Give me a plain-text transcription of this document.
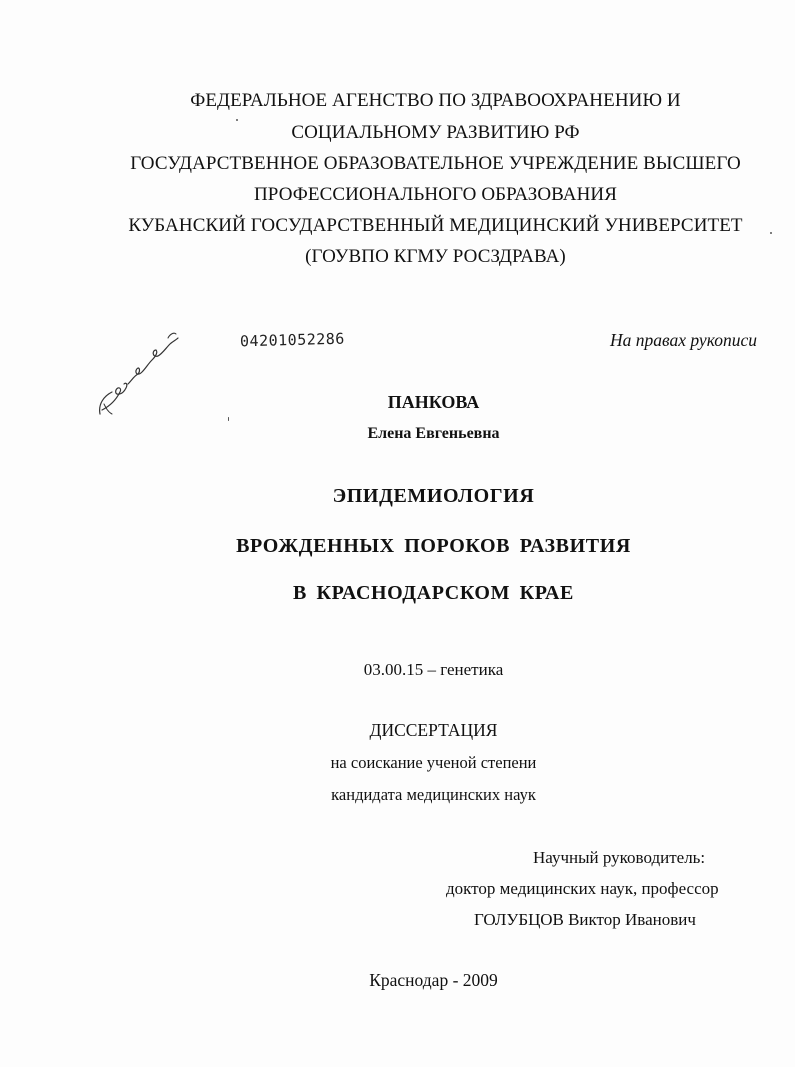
ФЕДЕРАЛЬНОЕ АГЕНСТВО ПО ЗДРАВООХРАНЕНИЮ И
СОЦИАЛЬНОМУ РАЗВИТИЮ РФ
ГОСУДАРСТВЕННОЕ ОБРАЗОВАТЕЛЬНОЕ УЧРЕЖДЕНИЕ ВЫСШЕГО
ПРОФЕССИОНАЛЬНОГО ОБРАЗОВАНИЯ
КУБАНСКИЙ ГОСУДАРСТВЕННЫЙ МЕДИЦИНСКИЙ УНИВЕРСИТЕТ
(ГОУВПО КГМУ РОСЗДРАВА)
04201052286	На правах рукописи
ПАНКОВА
Елена Евгеньевна
ЭПИДЕМИОЛОГИЯ
ВРОЖДЕННЫХ ПОРОКОВ РАЗВИТИЯ
В КРАСНОДАРСКОМ КРАЕ
03.00.15 – генетика
ДИССЕРТАЦИЯ
на соискание ученой степени
кандидата медицинских наук
Научный руководитель:
доктор медицинских наук, профессор
ГОЛУБЦОВ Виктор Иванович
Краснодар - 2009
